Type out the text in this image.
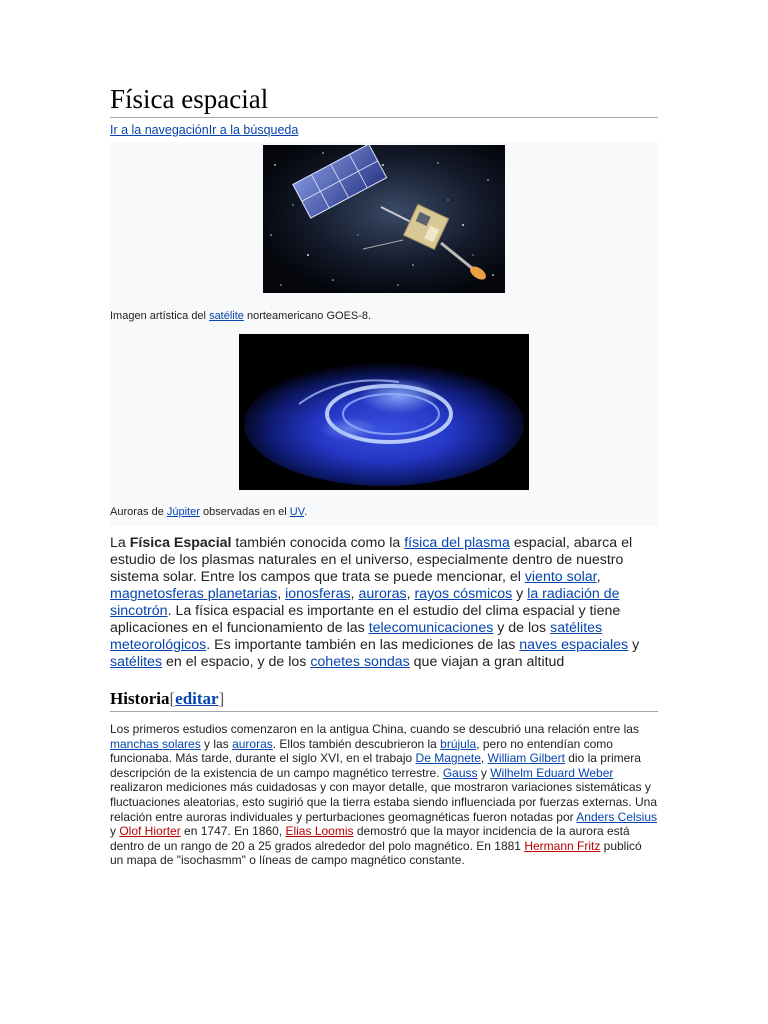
Física espacial
Ir a la navegaciónIr a la búsqueda
Imagen artística del satélite norteamericano GOES-8.
Auroras de Júpiter observadas en el UV.

La Física Espacial también conocida como la física del plasma espacial, abarca el estudio de los plasmas naturales en el universo, especialmente dentro de nuestro sistema solar. Entre los campos que trata se puede mencionar, el viento solar, magnetosferas planetarias, ionosferas, auroras, rayos cósmicos y la radiación de sincotrón. La física espacial es importante en el estudio del clima espacial y tiene aplicaciones en el funcionamiento de las telecomunicaciones y de los satélites meteorológicos. Es importante también en las mediciones de las naves espaciales y satélites en el espacio, y de los cohetes sondas que viajan a gran altitud

Historia[editar]

Los primeros estudios comenzaron en la antigua China, cuando se descubrió una relación entre las manchas solares y las auroras. Ellos también descubrieron la brújula, pero no entendían como funcionaba. Más tarde, durante el siglo XVI, en el trabajo De Magnete, William Gilbert dio la primera descripción de la existencia de un campo magnético terrestre. Gauss y Wilhelm Eduard Weber realizaron mediciones más cuidadosas y con mayor detalle, que mostraron variaciones sistemáticas y fluctuaciones aleatorias, esto sugirió que la tierra estaba siendo influenciada por fuerzas externas. Una relación entre auroras individuales y perturbaciones geomagnéticas fueron notadas por Anders Celsius y Olof Hiorter en 1747. En 1860, Elias Loomis demostró que la mayor incidencia de la aurora está dentro de un rango de 20 a 25 grados alrededor del polo magnético. En 1881 Hermann Fritz publicó un mapa de "isochasmm" o líneas de campo magnético constante.
